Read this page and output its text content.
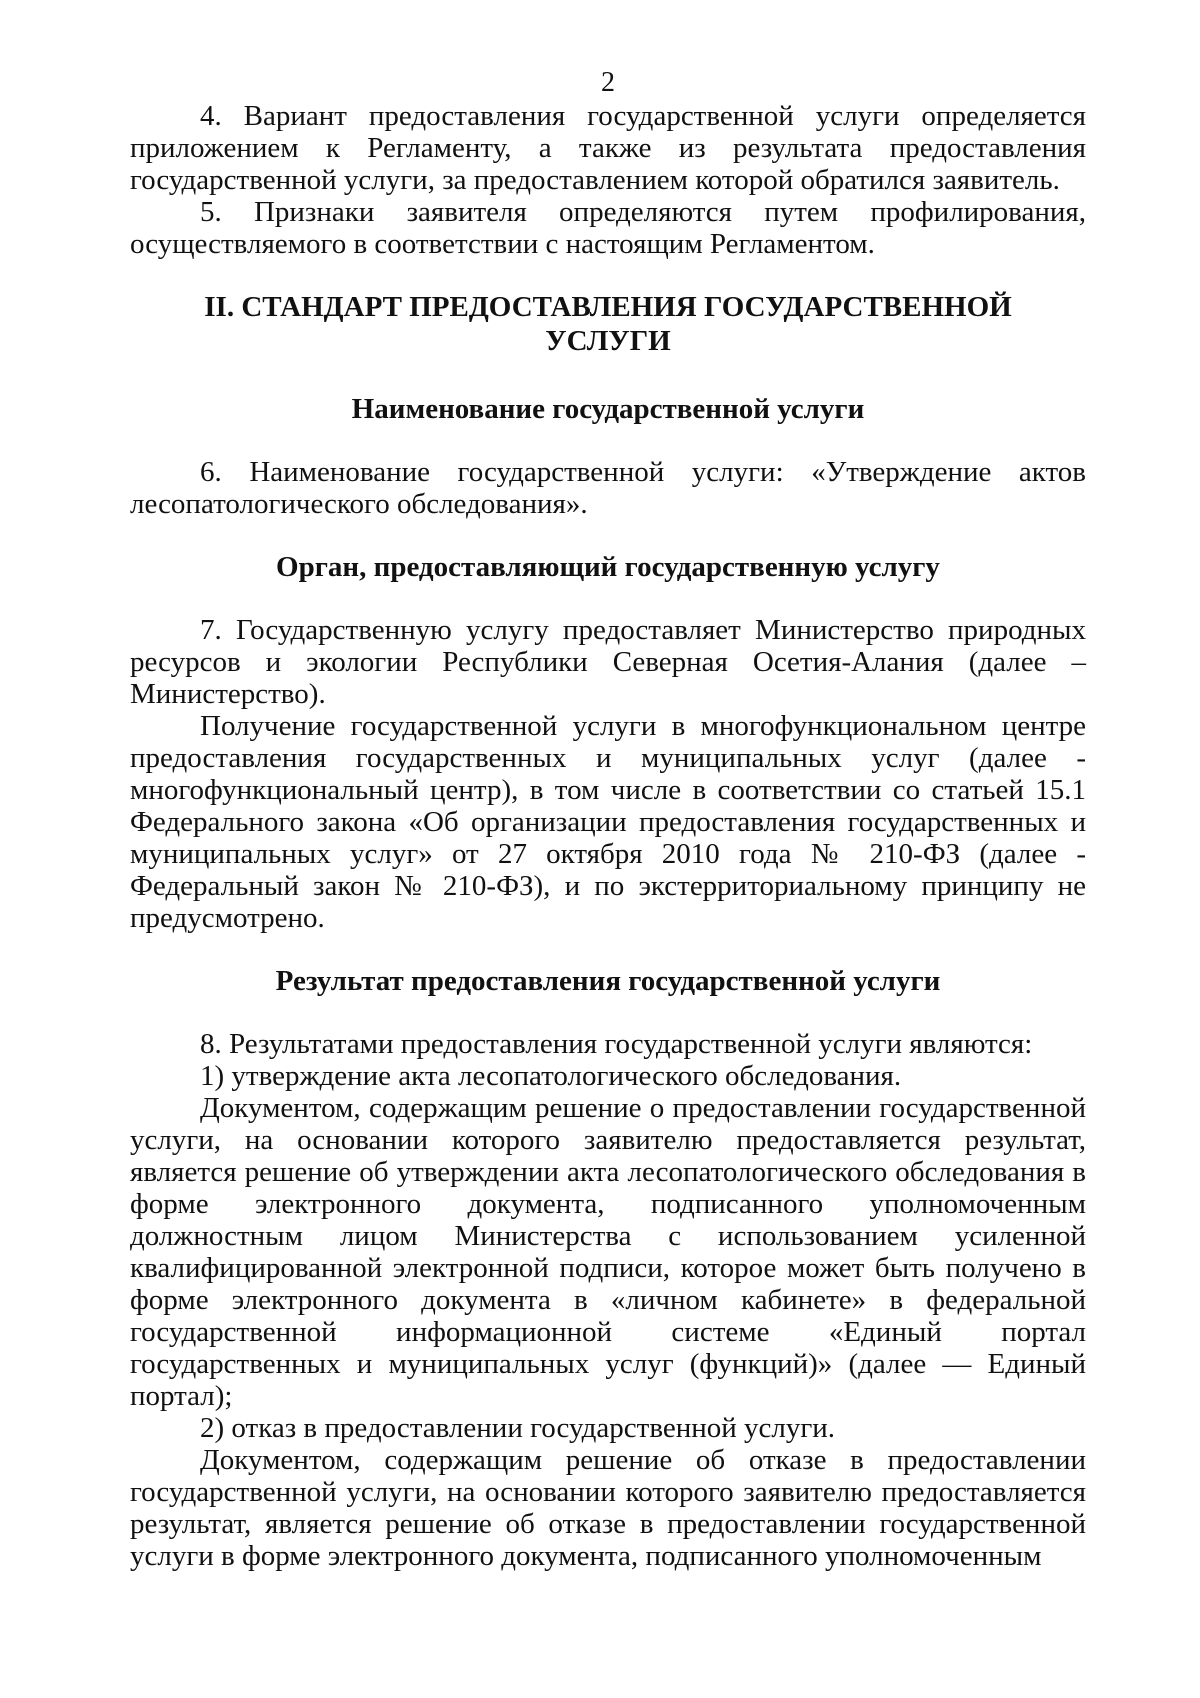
2

4. Вариант предоставления государственной услуги определяется приложением к Регламенту, а также из результата предоставления государственной услуги, за предоставлением которой обратился заявитель.

5. Признаки заявителя определяются путем профилирования, осуществляемого в соответствии с настоящим Регламентом.

II. СТАНДАРТ ПРЕДОСТАВЛЕНИЯ ГОСУДАРСТВЕННОЙ УСЛУГИ
Наименование государственной услуги

6. Наименование государственной услуги: «Утверждение актов лесопатологического обследования».

Орган, предоставляющий государственную услугу

7. Государственную услугу предоставляет Министерство природных ресурсов и экологии Республики Северная Осетия-Алания (далее – Министерство).

Получение государственной услуги в многофункциональном центре предоставления государственных и муниципальных услуг (далее - многофункциональный центр), в том числе в соответствии со статьей 15.1 Федерального закона «Об организации предоставления государственных и муниципальных услуг» от 27 октября 2010 года № 210-ФЗ (далее - Федеральный закон № 210-ФЗ), и по экстерриториальному принципу не предусмотрено.

Результат предоставления государственной услуги

8. Результатами предоставления государственной услуги являются:

1) утверждение акта лесопатологического обследования.

Документом, содержащим решение о предоставлении государственной услуги, на основании которого заявителю предоставляется результат, является решение об утверждении акта лесопатологического обследования в форме электронного документа, подписанного уполномоченным должностным лицом Министерства с использованием усиленной квалифицированной электронной подписи, которое может быть получено в форме электронного документа в «личном кабинете» в федеральной государственной информационной системе «Единый портал государственных и муниципальных услуг (функций)» (далее — Единый портал);

2) отказ в предоставлении государственной услуги.

Документом, содержащим решение об отказе в предоставлении государственной услуги, на основании которого заявителю предоставляется результат, является решение об отказе в предоставлении государственной услуги в форме электронного документа, подписанного уполномоченным
